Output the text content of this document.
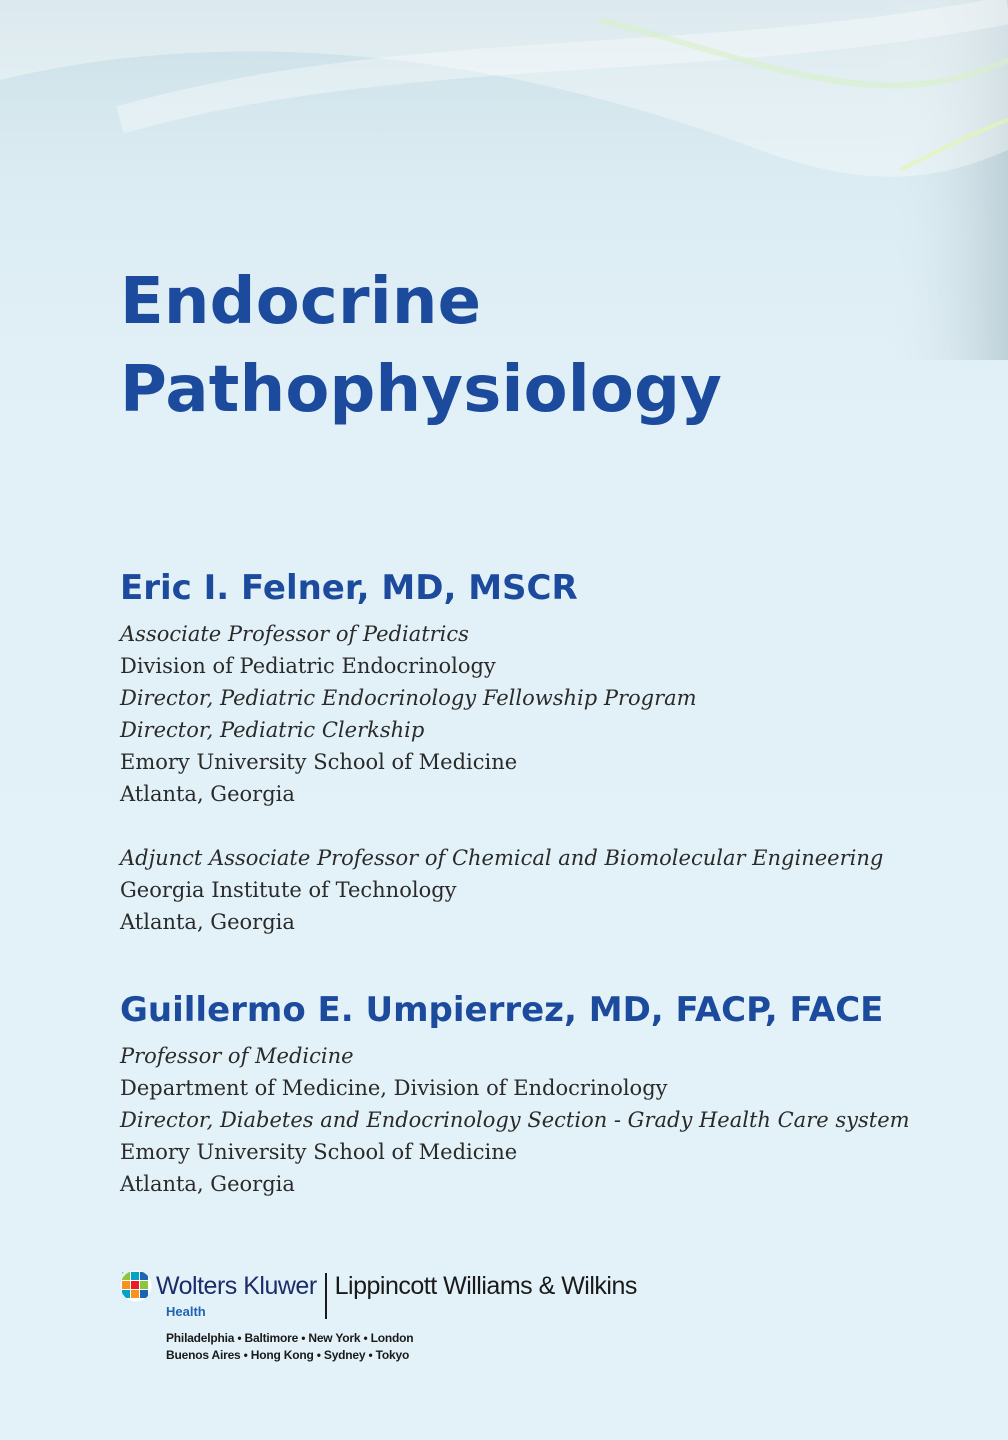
Endocrine
Pathophysiology

Eric I. Felner, MD, MSCR

Associate Professor of Pediatrics

Division of Pediatric Endocrinology

Director, Pediatric Endocrinology Fellowship Program

Director, Pediatric Clerkship

Emory University School of Medicine

Atlanta, Georgia

Adjunct Associate Professor of Chemical and Biomolecular Engineering

Georgia Institute of Technology

Atlanta, Georgia

Guillermo E. Umpierrez, MD, FACP, FACE

Professor of Medicine

Department of Medicine, Division of Endocrinology

Director, Diabetes and Endocrinology Section - Grady Health Care system

Emory University School of Medicine

Atlanta, Georgia

Wolters Kluwer Lippincott Williams & Wilkins
Health
Philadelphia • Baltimore • New York • London
Buenos Aires • Hong Kong • Sydney • Tokyo
